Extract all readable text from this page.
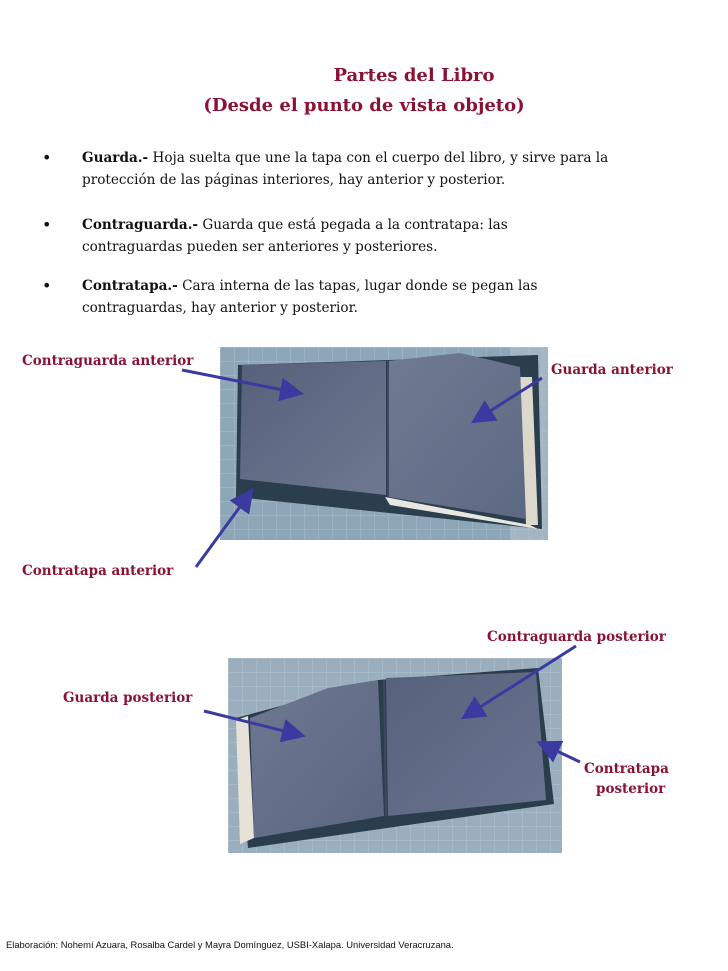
Partes del Libro
(Desde el punto de vista objeto)
•	Guarda.- Hoja suelta que une la tapa con el cuerpo del libro, y sirve para la
protección de las páginas interiores, hay anterior y posterior.
•	Contraguarda.- Guarda que está pegada a la contratapa: las
contraguardas pueden ser anteriores y posteriores.
•	Contratapa.- Cara interna de las tapas, lugar donde se pegan las
contraguardas, hay anterior y posterior.
Contraguarda anterior
Guarda anterior
Contratapa anterior
Contraguarda posterior
Guarda posterior
Contratapa
posterior
Elaboración: Nohemí Azuara, Rosalba Cardel y Mayra Domínguez, USBI-Xalapa. Universidad Veracruzana.
